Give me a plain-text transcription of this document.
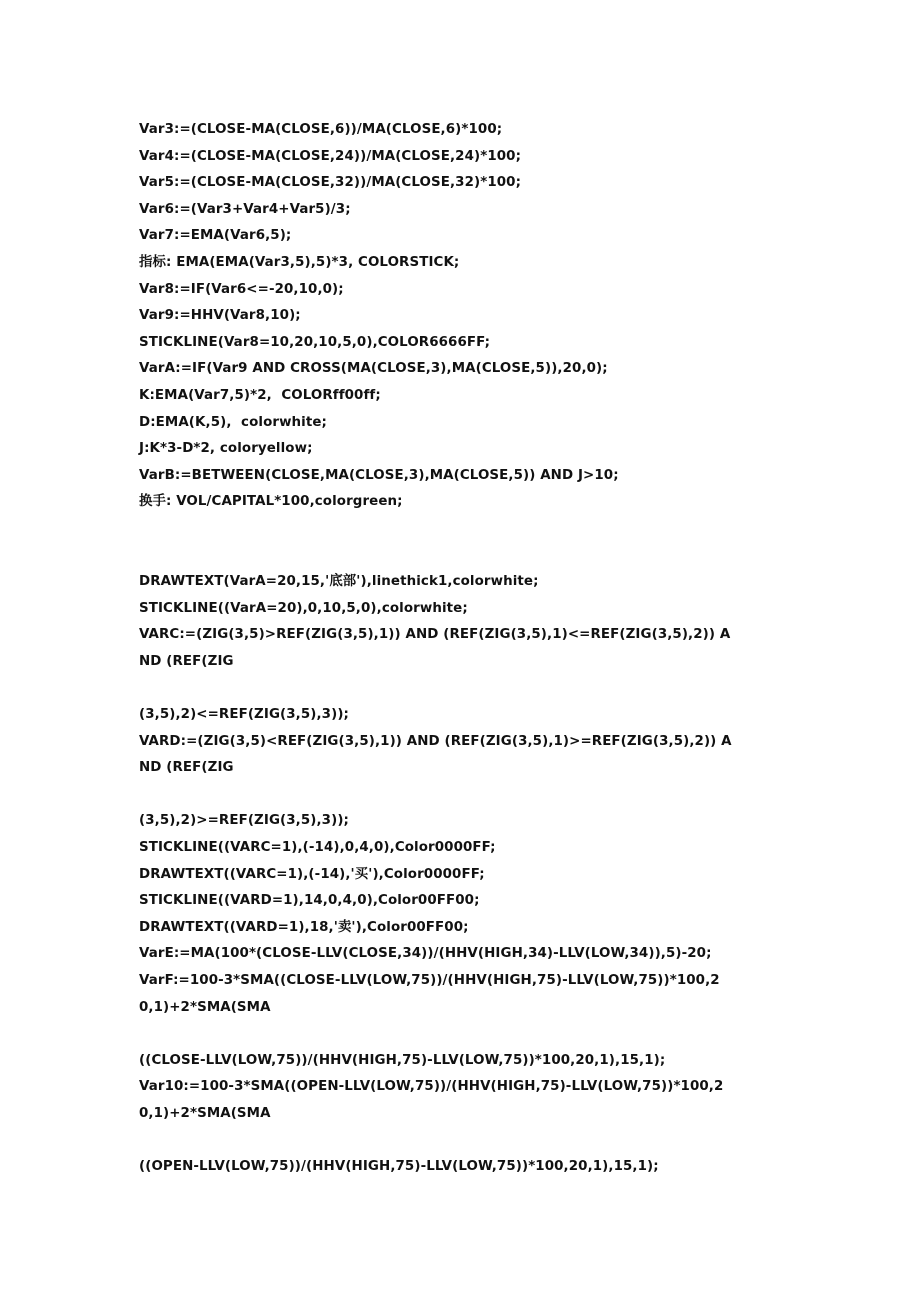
Var3:=(CLOSE-MA(CLOSE,6))/MA(CLOSE,6)*100;
Var4:=(CLOSE-MA(CLOSE,24))/MA(CLOSE,24)*100;
Var5:=(CLOSE-MA(CLOSE,32))/MA(CLOSE,32)*100;
Var6:=(Var3+Var4+Var5)/3;
Var7:=EMA(Var6,5);
指标: EMA(EMA(Var3,5),5)*3, COLORSTICK;
Var8:=IF(Var6<=-20,10,0);
Var9:=HHV(Var8,10);
STICKLINE(Var8=10,20,10,5,0),COLOR6666FF;
VarA:=IF(Var9 AND CROSS(MA(CLOSE,3),MA(CLOSE,5)),20,0);
K:EMA(Var7,5)*2,  COLORff00ff;
D:EMA(K,5),  colorwhite;
J:K*3-D*2, coloryellow;
VarB:=BETWEEN(CLOSE,MA(CLOSE,3),MA(CLOSE,5)) AND J>10;
换手: VOL/CAPITAL*100,colorgreen;
DRAWTEXT(VarA=20,15,'底部'),linethick1,colorwhite;
STICKLINE((VarA=20),0,10,5,0),colorwhite;
VARC:=(ZIG(3,5)>REF(ZIG(3,5),1)) AND (REF(ZIG(3,5),1)<=REF(ZIG(3,5),2)) A
ND (REF(ZIG
(3,5),2)<=REF(ZIG(3,5),3));
VARD:=(ZIG(3,5)<REF(ZIG(3,5),1)) AND (REF(ZIG(3,5),1)>=REF(ZIG(3,5),2)) A
ND (REF(ZIG
(3,5),2)>=REF(ZIG(3,5),3));
STICKLINE((VARC=1),(-14),0,4,0),Color0000FF;
DRAWTEXT((VARC=1),(-14),'买'),Color0000FF;
STICKLINE((VARD=1),14,0,4,0),Color00FF00;
DRAWTEXT((VARD=1),18,'卖'),Color00FF00;
VarE:=MA(100*(CLOSE-LLV(CLOSE,34))/(HHV(HIGH,34)-LLV(LOW,34)),5)-20;
VarF:=100-3*SMA((CLOSE-LLV(LOW,75))/(HHV(HIGH,75)-LLV(LOW,75))*100,2
0,1)+2*SMA(SMA
((CLOSE-LLV(LOW,75))/(HHV(HIGH,75)-LLV(LOW,75))*100,20,1),15,1);
Var10:=100-3*SMA((OPEN-LLV(LOW,75))/(HHV(HIGH,75)-LLV(LOW,75))*100,2
0,1)+2*SMA(SMA
((OPEN-LLV(LOW,75))/(HHV(HIGH,75)-LLV(LOW,75))*100,20,1),15,1);
